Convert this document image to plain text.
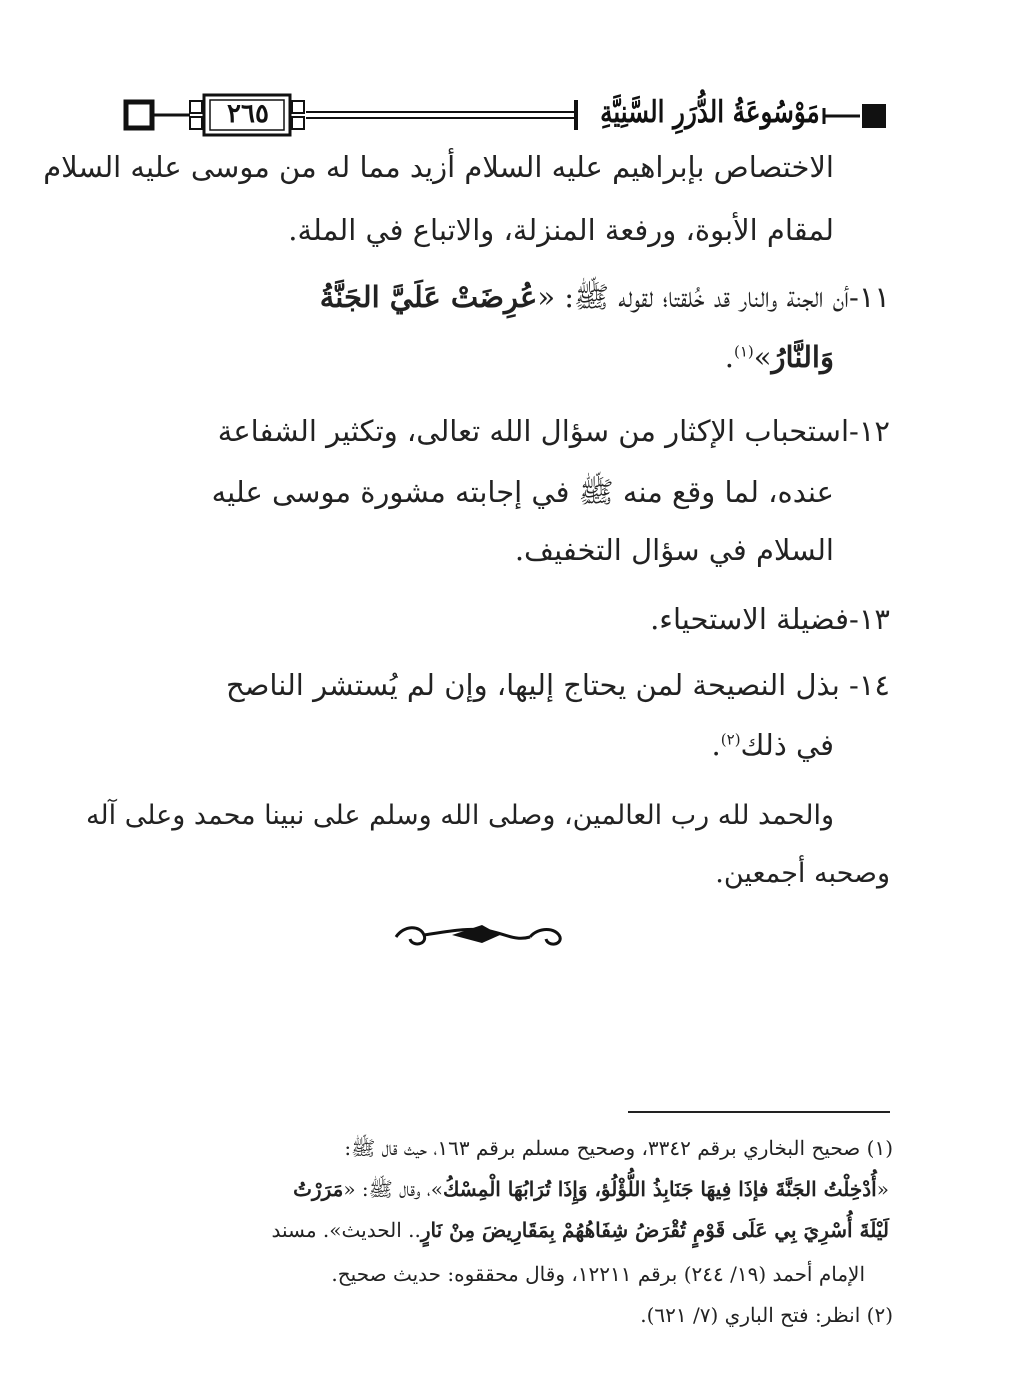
٢٦٥	مَوْسُوعَةُ الدُّرَرِ السَّنِيَّةِ
الاختصاص بإبراهيم عليه السلام أزيد مما له من موسى عليه السلام
لمقام الأبوة، ورفعة المنزلة، والاتباع في الملة.
١١-أن الجنة والنار قد خُلقتا؛ لقوله ﷺ: «عُرِضَتْ عَلَيَّ الجَنَّةُ
وَالنَّارُ»$^{(١)}$.
١٢-استحباب الإكثار من سؤال الله تعالى، وتكثير الشفاعة
عنده، لما وقع منه ﷺ في إجابته مشورة موسى عليه
السلام في سؤال التخفيف.
١٣-فضيلة الاستحياء.
١٤- بذل النصيحة لمن يحتاج إليها، وإن لم يُستشر الناصح
في ذلك$^{(٢)}$.
والحمد لله رب العالمين، وصلى الله وسلم على نبينا محمد وعلى آله
وصحبه أجمعين.
(١) صحيح البخاري برقم ٣٣٤٢، وصحيح مسلم برقم ١٦٣، حيث قال ﷺ:
«أُدْخِلْتُ الجَنَّةَ فإذَا فِيهَا جَنَابِذُ اللُّؤْلُؤ، وَإِذَا تُرَابُهَا الْمِسْكُ»، وقال ﷺ: «مَرَرْتُ
لَيْلَةَ أُسْرِيَ بِي عَلَى قَوْمٍ تُقْرَضُ شِفَاهُهُمْ بِمَقَارِيضَ مِنْ نَارٍ.. الحديث». مسند
الإمام أحمد (١٩/ ٢٤٤) برقم ١٢٢١١، وقال محققوه: حديث صحيح.
(٢) انظر: فتح الباري (٧/ ٦٢١).
